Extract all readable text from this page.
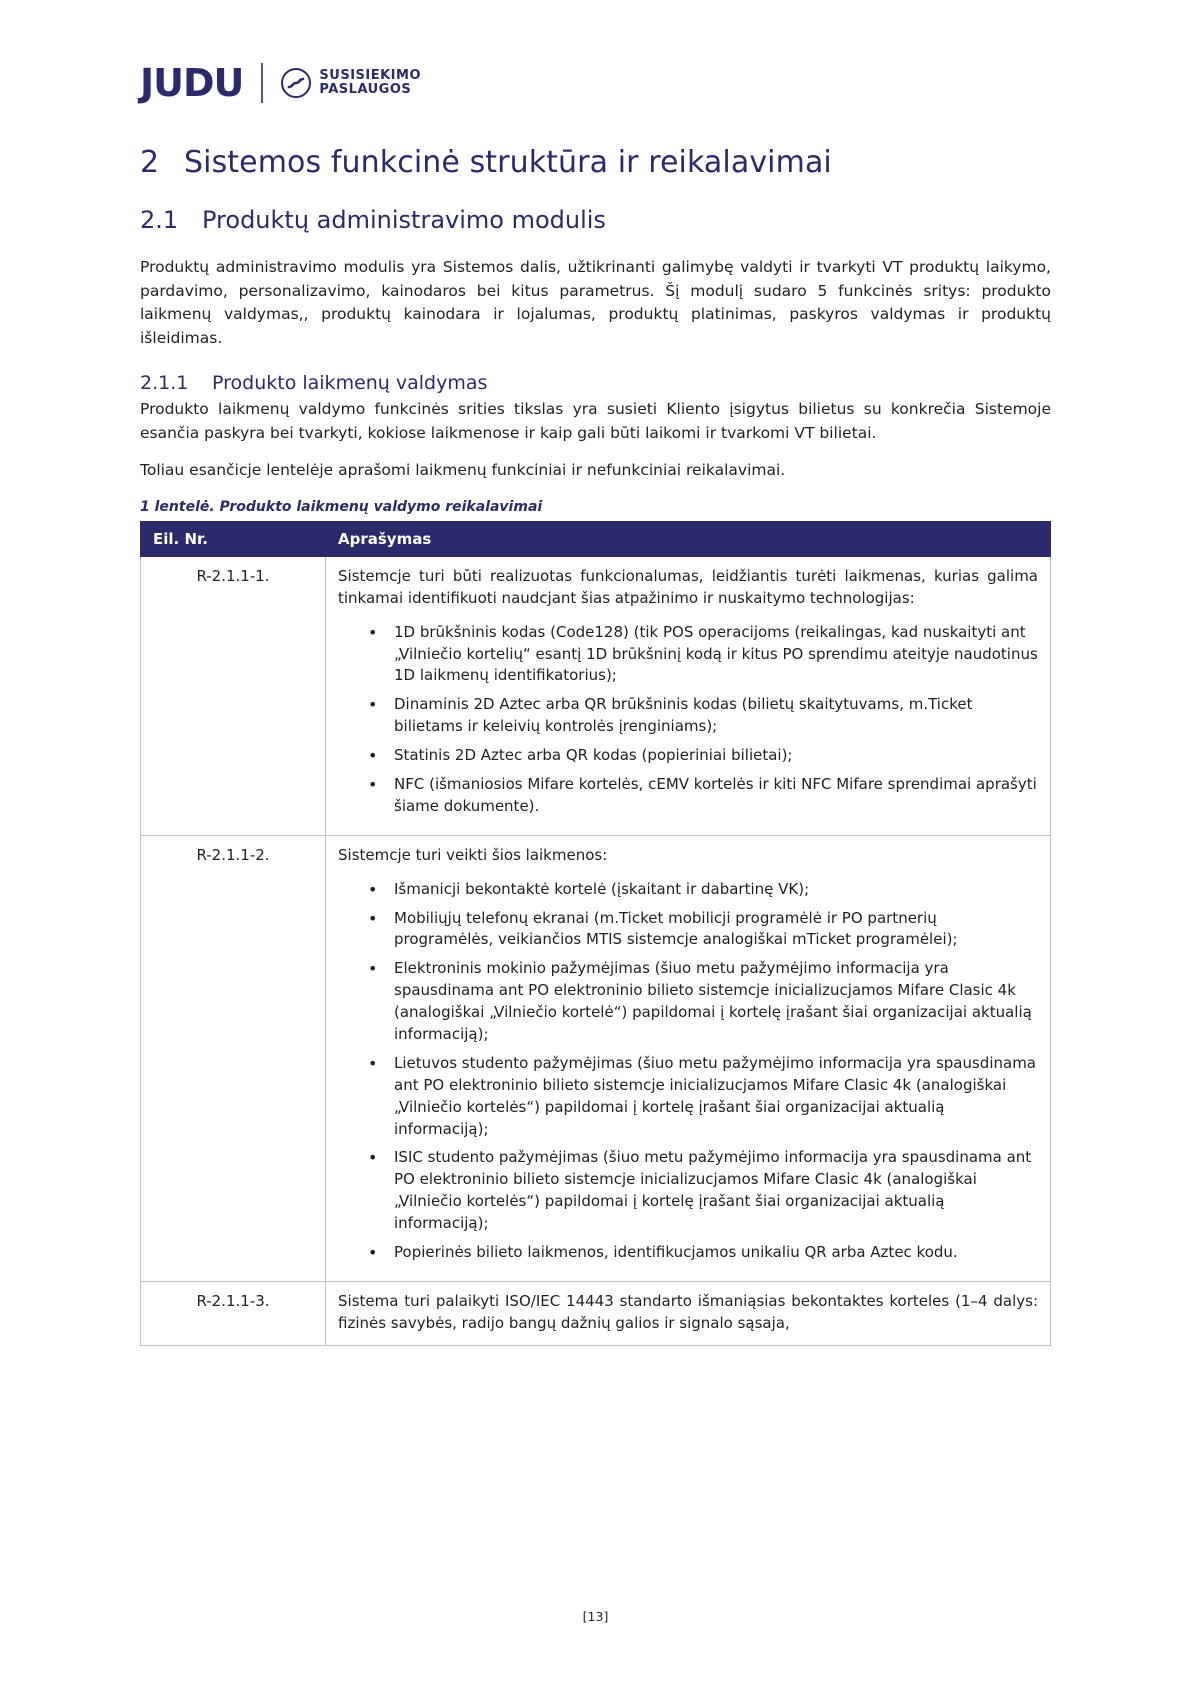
JUDU	SUSISIEKIMO
PASLAUGOS
2 Sistemos funkcinė struktūra ir reikalavimai
2.1 Produktų administravimo modulis

Produktų administravimo modulis yra Sistemos dalis, užtikrinanti galimybę valdyti ir tvarkyti VT produktų laikymo, pardavimo, personalizavimo, kainodaros bei kitus parametrus. Šį modulį sudaro 5 funkcinės sritys: produkto laikmenų valdymas,, produktų kainodara ir lojalumas, produktų platinimas, paskyros valdymas ir produktų išleidimas.

2.1.1 Produkto laikmenų valdymas

Produkto laikmenų valdymo funkcinės srities tikslas yra susieti Kliento įsigytus bilietus su konkrečia Sistemoje esančia paskyra bei tvarkyti, kokiose laikmenose ir kaip gali būti laikomi ir tvarkomi VT bilietai.

Toliau esančicje lentelėje aprašomi laikmenų funkciniai ir nefunkciniai reikalavimai.

1 lentelė. Produkto laikmenų valdymo reikalavimai
Eil. Nr.	Aprašymas
R-2.1.1-1.	Sistemcje turi būti realizuotas funkcionalumas, leidžiantis turėti laikmenas, kurias galima tinkamai identifikuoti naudcjant šias atpažinimo ir nuskaitymo technologijas:
• 1D brūkšninis kodas (Code128) (tik POS operacijoms (reikalingas, kad nuskaityti ant „Vilniečio kortelių“ esantį 1D brūkšninį kodą ir kitus PO sprendimu ateityje naudotinus 1D laikmenų identifikatorius);
• Dinaminis 2D Aztec arba QR brūkšninis kodas (bilietų skaitytuvams, m.Ticket bilietams ir keleivių kontrolės įrenginiams);
• Statinis 2D Aztec arba QR kodas (popieriniai bilietai);
• NFC (išmaniosios Mifare kortelės, cEMV kortelės ir kiti NFC Mifare sprendimai aprašyti šiame dokumente).

R-2.1.1-2.	Sistemcje turi veikti šios laikmenos:
• Išmanicji bekontaktė kortelė (įskaitant ir dabartinę VK);
• Mobiliųjų telefonų ekranai (m.Ticket mobilicji programėlė ir PO partnerių programėlės, veikiančios MTIS sistemcje analogiškai mTicket programėlei);
• Elektroninis mokinio pažymėjimas (šiuo metu pažymėjimo informacija yra spausdinama ant PO elektroninio bilieto sistemcje inicializucjamos Mifare Clasic 4k (analogiškai „Vilniečio kortelė“) papildomai į kortelę įrašant šiai organizacijai aktualią informaciją);
• Lietuvos studento pažymėjimas (šiuo metu pažymėjimo informacija yra spausdinama ant PO elektroninio bilieto sistemcje inicializucjamos Mifare Clasic 4k (analogiškai „Vilniečio kortelės“) papildomai į kortelę įrašant šiai organizacijai aktualią informaciją);
• ISIC studento pažymėjimas (šiuo metu pažymėjimo informacija yra spausdinama ant PO elektroninio bilieto sistemcje inicializucjamos Mifare Clasic 4k (analogiškai „Vilniečio kortelės“) papildomai į kortelę įrašant šiai organizacijai aktualią informaciją);
• Popierinės bilieto laikmenos, identifikucjamos unikaliu QR arba Aztec kodu.

R-2.1.1-3.	Sistema turi palaikyti ISO/IEC 14443 standarto išmaniąsias bekontaktes korteles (1–4 dalys: fizinės savybės, radijo bangų dažnių galios ir signalo sąsaja,
[13]
